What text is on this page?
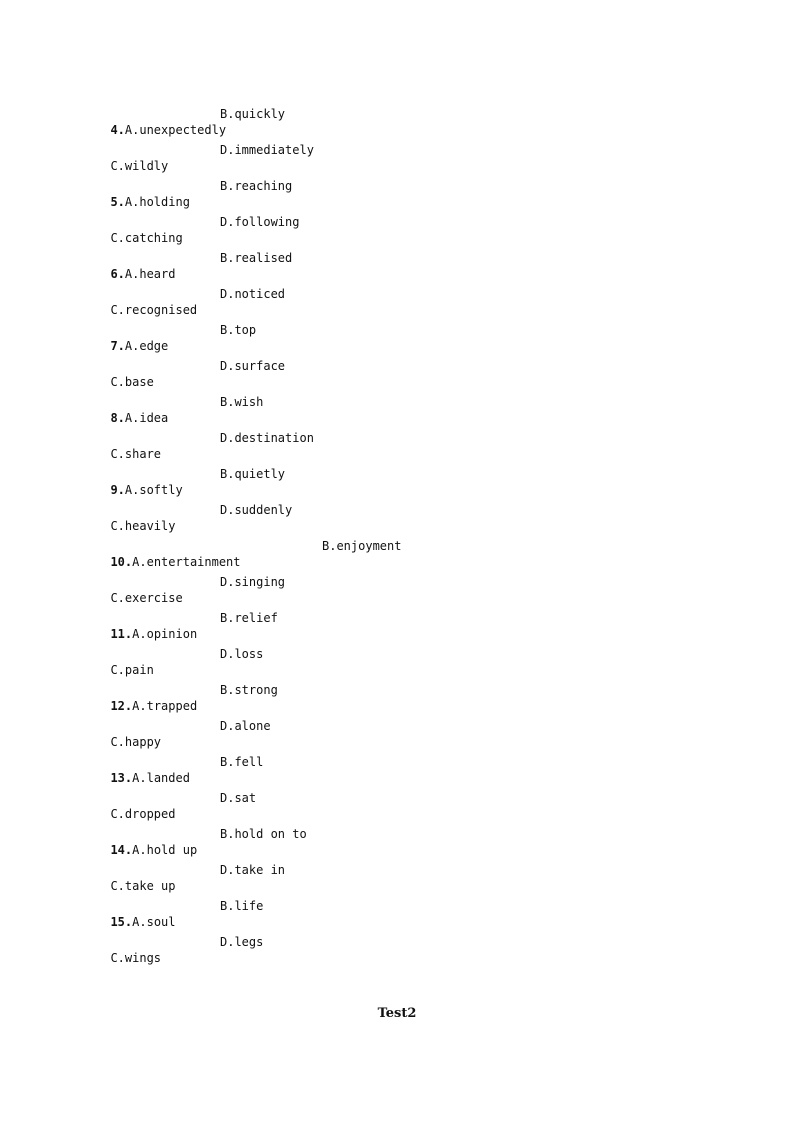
4.A.unexpectedly

B.quickly

C.wildly

D.immediately

5.A.holding

B.reaching

C.catching

D.following

6.A.heard

B.realised

C.recognised

D.noticed

7.A.edge

B.top

C.base

D.surface

8.A.idea

B.wish

C.share

D.destination

9.A.softly

B.quietly

C.heavily

D.suddenly

10.A.entertainment

B.enjoyment

C.exercise

D.singing

11.A.opinion

B.relief

C.pain

D.loss

12.A.trapped

B.strong

C.happy

D.alone

13.A.landed

B.fell

C.dropped

D.sat

14.A.hold up

B.hold on to

C.take up

D.take in

15.A.soul

B.life

C.wings

D.legs

Test2
